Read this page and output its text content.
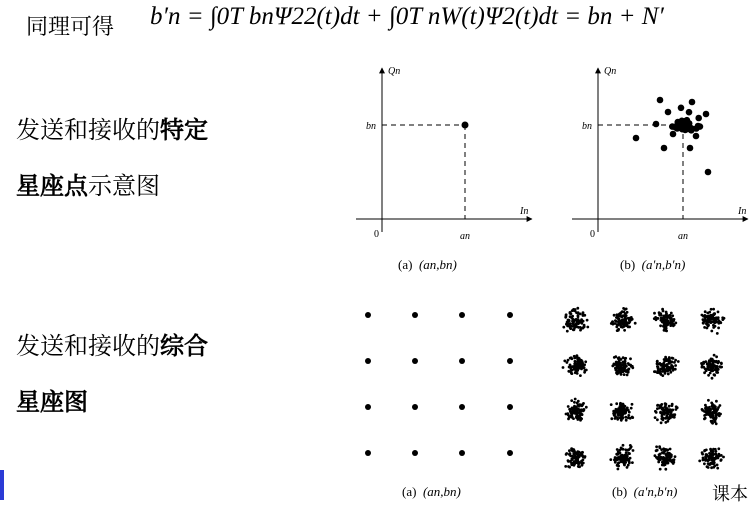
同理可得 b′n = ∫0T bnΨ22(t)dt + ∫0T nW(t)Ψ2(t)dt = bn + N′
发送和接收的特定
星座点示意图
发送和接收的综合
星座图
Qn
In
0
bn
an
(a) (an,bn)
Qn
In
0
bn
an
(b) (a′n,b′n)
(a) (an,bn)	(b) (a′n,b′n) 课本
